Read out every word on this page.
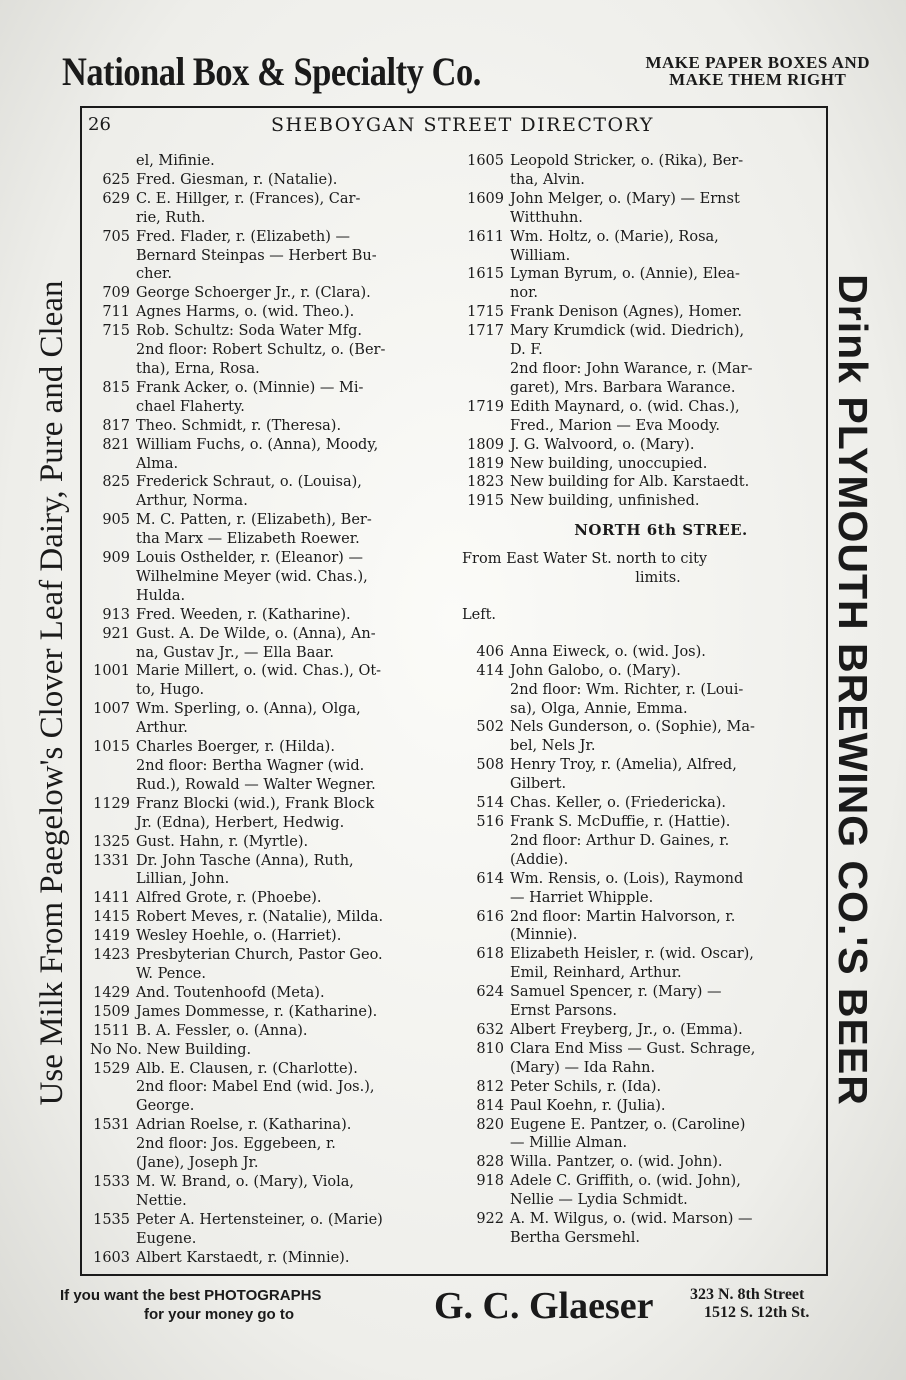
National Box & Specialty Co.	MAKE PAPER BOXES AND
MAKE THEM RIGHT
Use Milk From Paegelow's Clover Leaf Dairy, Pure and Clean	Drink PLYMOUTH BREWING CO.'S BEER
26	SHEBOYGAN STREET DIRECTORY
el, Mifinie.
625 Fred. Giesman, r. (Natalie).
629 C. E. Hillger, r. (Frances), Car-
rie, Ruth.
705 Fred. Flader, r. (Elizabeth) —
Bernard Steinpas — Herbert Bu-
cher.
709 George Schoerger Jr., r. (Clara).
711 Agnes Harms, o. (wid. Theo.).
715 Rob. Schultz: Soda Water Mfg.
2nd floor: Robert Schultz, o. (Ber-
tha), Erna, Rosa.
815 Frank Acker, o. (Minnie) — Mi-
chael Flaherty.
817 Theo. Schmidt, r. (Theresa).
821 William Fuchs, o. (Anna), Moody,
Alma.
825 Frederick Schraut, o. (Louisa),
Arthur, Norma.
905 M. C. Patten, r. (Elizabeth), Ber-
tha Marx — Elizabeth Roewer.
909 Louis Osthelder, r. (Eleanor) —
Wilhelmine Meyer (wid. Chas.),
Hulda.
913 Fred. Weeden, r. (Katharine).
921 Gust. A. De Wilde, o. (Anna), An-
na, Gustav Jr., — Ella Baar.
1001 Marie Millert, o. (wid. Chas.), Ot-
to, Hugo.
1007 Wm. Sperling, o. (Anna), Olga,
Arthur.
1015 Charles Boerger, r. (Hilda).
2nd floor: Bertha Wagner (wid.
Rud.), Rowald — Walter Wegner.
1129 Franz Blocki (wid.), Frank Block
Jr. (Edna), Herbert, Hedwig.
1325 Gust. Hahn, r. (Myrtle).
1331 Dr. John Tasche (Anna), Ruth,
Lillian, John.
1411 Alfred Grote, r. (Phoebe).
1415 Robert Meves, r. (Natalie), Milda.
1419 Wesley Hoehle, o. (Harriet).
1423 Presbyterian Church, Pastor Geo.
W. Pence.
1429 And. Toutenhoofd (Meta).
1509 James Dommesse, r. (Katharine).
1511 B. A. Fessler, o. (Anna).
No No. New Building.
1529 Alb. E. Clausen, r. (Charlotte).
2nd floor: Mabel End (wid. Jos.),
George.
1531 Adrian Roelse, r. (Katharina).
2nd floor: Jos. Eggebeen, r.
(Jane), Joseph Jr.
1533 M. W. Brand, o. (Mary), Viola,
Nettie.
1535 Peter A. Hertensteiner, o. (Marie)
Eugene.
1603 Albert Karstaedt, r. (Minnie).
1605 Leopold Stricker, o. (Rika), Ber-
tha, Alvin.
1609 John Melger, o. (Mary) — Ernst
Witthuhn.
1611 Wm. Holtz, o. (Marie), Rosa,
William.
1615 Lyman Byrum, o. (Annie), Elea-
nor.
1715 Frank Denison (Agnes), Homer.
1717 Mary Krumdick (wid. Diedrich),
D. F.
2nd floor: John Warance, r. (Mar-
garet), Mrs. Barbara Warance.
1719 Edith Maynard, o. (wid. Chas.),
Fred., Marion — Eva Moody.
1809 J. G. Walvoord, o. (Mary).
1819 New building, unoccupied.
1823 New building for Alb. Karstaedt.
1915 New building, unfinished.
NORTH 6th STREE.
From East Water St. north to city
limits.
Left.
406 Anna Eiweck, o. (wid. Jos).
414 John Galobo, o. (Mary).
2nd floor: Wm. Richter, r. (Loui-
sa), Olga, Annie, Emma.
502 Nels Gunderson, o. (Sophie), Ma-
bel, Nels Jr.
508 Henry Troy, r. (Amelia), Alfred,
Gilbert.
514 Chas. Keller, o. (Friedericka).
516 Frank S. McDuffie, r. (Hattie).
2nd floor: Arthur D. Gaines, r.
(Addie).
614 Wm. Rensis, o. (Lois), Raymond
— Harriet Whipple.
616 2nd floor: Martin Halvorson, r.
(Minnie).
618 Elizabeth Heisler, r. (wid. Oscar),
Emil, Reinhard, Arthur.
624 Samuel Spencer, r. (Mary) —
Ernst Parsons.
632 Albert Freyberg, Jr., o. (Emma).
810 Clara End Miss — Gust. Schrage,
(Mary) — Ida Rahn.
812 Peter Schils, r. (Ida).
814 Paul Koehn, r. (Julia).
820 Eugene E. Pantzer, o. (Caroline)
— Millie Alman.
828 Willa. Pantzer, o. (wid. John).
918 Adele C. Griffith, o. (wid. John),
Nellie — Lydia Schmidt.
922 A. M. Wilgus, o. (wid. Marson) —
Bertha Gersmehl.
If you want the best PHOTOGRAPHS
for your money go to	G. C. Glaeser 323 N. 8th Street
1512 S. 12th St.
